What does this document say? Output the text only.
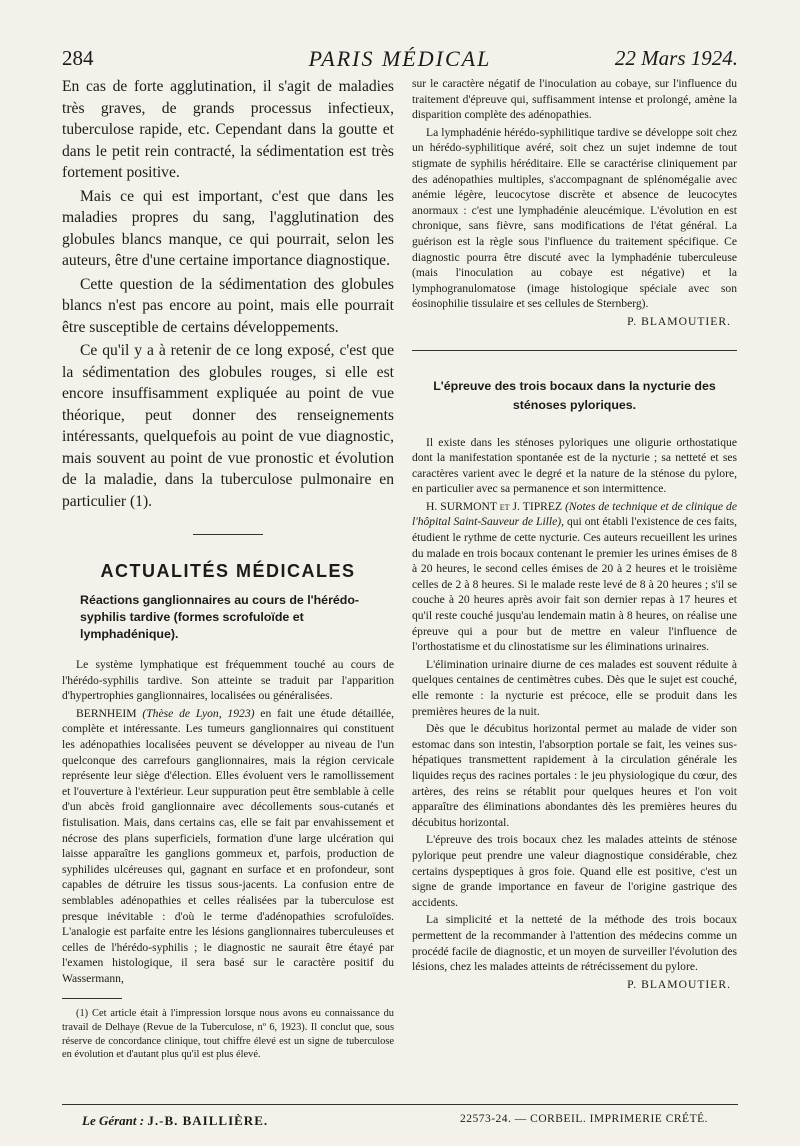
284	PARIS MÉDICAL	22 Mars 1924.

En cas de forte agglutination, il s'agit de maladies très graves, de grands processus infectieux, tuberculose rapide, etc. Cependant dans la goutte et dans le petit rein contracté, la sédimentation est très fortement positive.

Mais ce qui est important, c'est que dans les maladies propres du sang, l'agglutination des globules blancs manque, ce qui pourrait, selon les auteurs, être d'une certaine importance diagnostique.

Cette question de la sédimentation des globules blancs n'est pas encore au point, mais elle pourrait être susceptible de certains développements.

Ce qu'il y a à retenir de ce long exposé, c'est que la sédimentation des globules rouges, si elle est encore insuffisamment expliquée au point de vue théorique, peut donner des renseignements intéressants, quelquefois au point de vue diagnostic, mais souvent au point de vue pronostic et évolution de la maladie, dans la tuberculose pulmonaire en particulier (1).

ACTUALITÉS MÉDICALES
Réactions ganglionnaires au cours de l'hérédo-syphilis tardive (formes scrofuloïde et lymphadénique).

Le système lymphatique est fréquemment touché au cours de l'hérédo-syphilis tardive. Son atteinte se traduit par l'apparition d'hypertrophies ganglionnaires, localisées ou généralisées.

BERNHEIM (Thèse de Lyon, 1923) en fait une étude détaillée, complète et intéressante. Les tumeurs ganglionnaires qui constituent les adénopathies localisées peuvent se développer au niveau de l'un quelconque des carrefours ganglionnaires, mais la région cervicale représente leur siège d'élection. Elles évoluent vers le ramollissement et l'ouverture à l'extérieur. Leur suppuration peut être semblable à celle d'un abcès froid ganglionnaire avec décollements sous-cutanés et fistulisation. Mais, dans certains cas, elle se fait par envahissement et nécrose des plans superficiels, formation d'une large ulcération qui laisse apparaître les ganglions gommeux et, parfois, production de syphilides ulcéreuses qui, gagnant en surface et en profondeur, sont capables de détruire les tissus sous-jacents. La confusion entre de semblables adénopathies et celles réalisées par la tuberculose est presque inévitable : d'où le terme d'adénopathies scrofuloïdes. L'analogie est parfaite entre les lésions ganglionnaires tuberculeuses et celles de l'hérédo-syphilis ; le diagnostic ne saurait être étayé par l'examen histologique, il sera basé sur le caractère positif du Wassermann,

(1) Cet article était à l'impression lorsque nous avons eu connaissance du travail de Delhaye (Revue de la Tuberculose, nº 6, 1923). Il conclut que, sous réserve de concordance clinique, tout chiffre élevé est un signe de tuberculose en évolution et d'autant plus qu'il est plus élevé.

sur le caractère négatif de l'inoculation au cobaye, sur l'influence du traitement d'épreuve qui, suffisamment intense et prolongé, amène la disparition complète des adénopathies.

La lymphadénie hérédo-syphilitique tardive se développe soit chez un hérédo-syphilitique avéré, soit chez un sujet indemne de tout stigmate de syphilis héréditaire. Elle se caractérise cliniquement par des adénopathies multiples, s'accompagnant de splénomégalie avec anémie légère, leucocytose discrète et absence de leucocytes anormaux : c'est une lymphadénie aleucémique. L'évolution en est chronique, sans fièvre, sans modifications de l'état général. La guérison est la règle sous l'influence du traitement spécifique. Ce diagnostic pourra être discuté avec la lymphadénie tuberculeuse (mais l'inoculation au cobaye est négative) et la lymphogranulomatose (image histologique spéciale avec son éosinophilie tissulaire et ses cellules de Sternberg).

P. BLAMOUTIER.

L'épreuve des trois bocaux dans la nycturie des sténoses pyloriques.

Il existe dans les sténoses pyloriques une oligurie orthostatique dont la manifestation spontanée est de la nycturie ; sa netteté et ses caractères varient avec le degré et la nature de la sténose du pylore, en particulier avec sa permanence et son intermittence.

H. SURMONT et J. TIPREZ (Notes de technique et de clinique de l'hôpital Saint-Sauveur de Lille), qui ont établi l'existence de ces faits, étudient le rythme de cette nycturie. Ces auteurs recueillent les urines du malade en trois bocaux contenant le premier les urines émises de 8 à 20 heures, le second celles émises de 20 à 2 heures et le troisième celles de 2 à 8 heures. Si le malade reste levé de 8 à 20 heures ; s'il se couche à 20 heures après avoir fait son dernier repas à 17 heures et qu'il reste couché jusqu'au lendemain matin à 8 heures, on réalise une épreuve qui a pour but de mettre en valeur l'influence de l'orthostatisme et du clinostatisme sur les éliminations urinaires.

L'élimination urinaire diurne de ces malades est souvent réduite à quelques centaines de centimètres cubes. Dès que le sujet est couché, elle remonte : la nycturie est précoce, elle se produit dans les premières heures de la nuit.

Dès que le décubitus horizontal permet au malade de vider son estomac dans son intestin, l'absorption portale se fait, les veines sus-hépatiques transmettent rapidement à la circulation générale les liquides reçus des racines portales : le jeu physiologique du cœur, des artères, des reins se rétablit pour quelques heures et l'on voit apparaître des éliminations abondantes dès les premières heures du décubitus horizontal.

L'épreuve des trois bocaux chez les malades atteints de sténose pylorique peut prendre une valeur diagnostique considérable, chez certains dyspeptiques à gros foie. Quand elle est positive, c'est un signe de grande importance en faveur de l'origine gastrique des accidents.

La simplicité et la netteté de la méthode des trois bocaux permettent de la recommander à l'attention des médecins comme un procédé facile de diagnostic, et un moyen de surveiller l'évolution des lésions, chez les malades atteints de rétrécissement du pylore.

P. BLAMOUTIER.

Le Gérant : J.-B. BAILLIÈRE.	22573-24. — CORBEIL. IMPRIMERIE CRÉTÉ.
